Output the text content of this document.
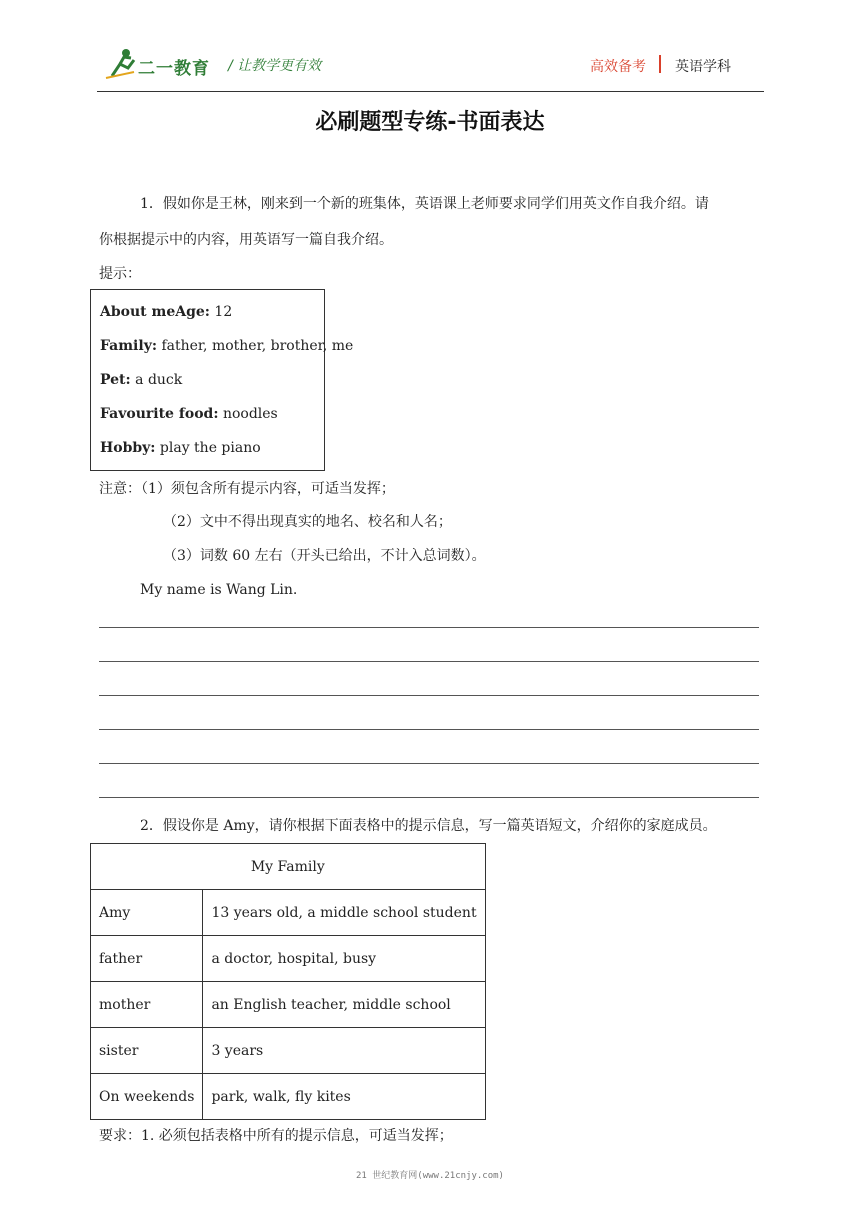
二一教育 / 让教学更有效	高效备考 英语学科
必刷题型专练-书面表达
1．假如你是王林，刚来到一个新的班集体，英语课上老师要求同学们用英文作自我介绍。请
你根据提示中的内容，用英语写一篇自我介绍。
提示：
About meAge: 12
Family: father, mother, brother, me
Pet: a duck
Favourite food: noodles
Hobby: play the piano
注意：（1）须包含所有提示内容，可适当发挥；
（2）文中不得出现真实的地名、校名和人名；
（3）词数 60 左右（开头已给出，不计入总词数）。
My name is Wang Lin.
2．假设你是 Amy，请你根据下面表格中的提示信息，写一篇英语短文，介绍你的家庭成员。
My Family	
Amy	13 years old, a middle school student
father	a doctor, hospital, busy
mother	an English teacher, middle school
sister	3 years
On weekends	park, walk, fly kites
要求：1. 必须包括表格中所有的提示信息，可适当发挥；
21 世纪教育网(www.21cnjy.com)
